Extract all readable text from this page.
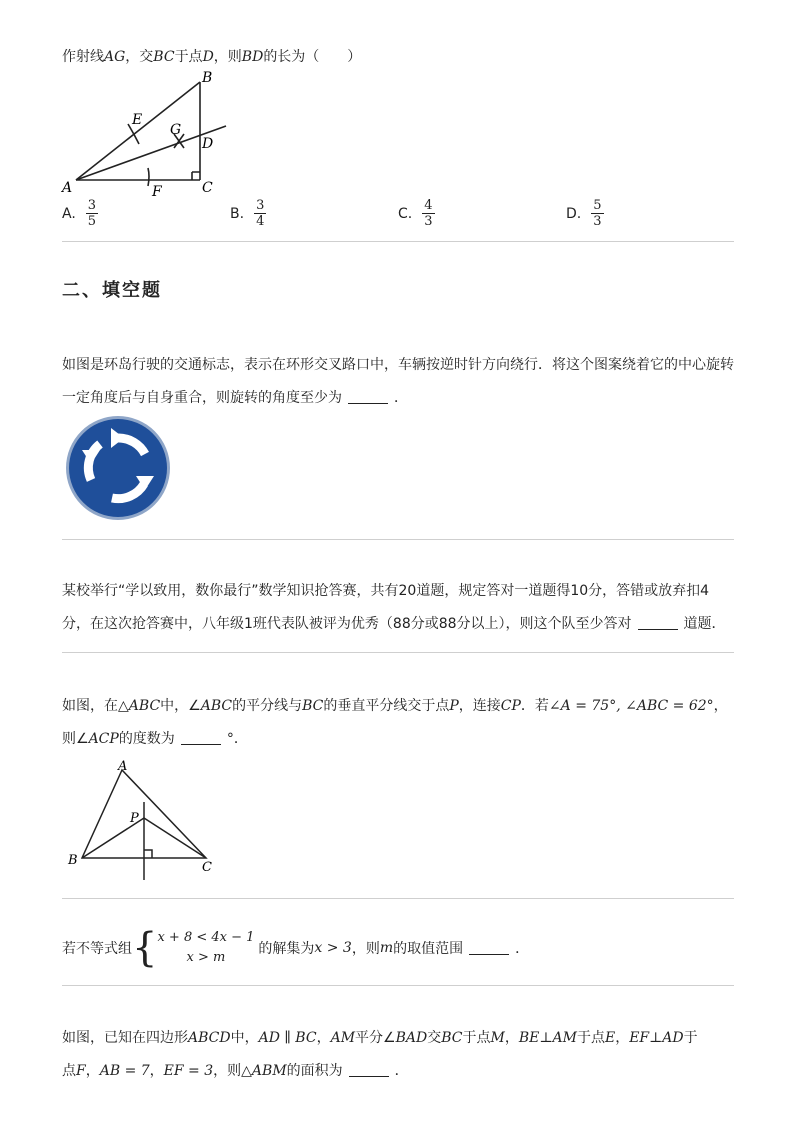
作射线AG，交BC于点D，则BD的长为（　　）
A
B
C
D
E
F
G
A. $\frac{3}{5}$	B. $\frac{3}{4}$	C. $\frac{4}{3}$	D. $\frac{5}{3}$
二、填空题
如图是环岛行驶的交通标志，表示在环形交叉路口中，车辆按逆时针方向绕行．将这个图案绕着它的中心旋转
一定角度后与自身重合，则旋转的角度至少为	．
某校举行“学以致用，数你最行”数学知识抢答赛，共有20道题，规定答对一道题得10分，答错或放弃扣4
分，在这次抢答赛中，八年级1班代表队被评为优秀（88分或88分以上），则这个队至少答对	道题．
如图，在△ABC中，∠ABC的平分线与BC的垂直平分线交于点P，连接CP．若∠A = 75°, ∠ABC = 62°，
则∠ACP的度数为	°．
A
B	C
P
若不等式组 { x + 8 < 4x − 1
x > m
的解集为 x > 3 ，则 m 的取值范围	．
如图，已知在四边形ABCD中，AD ∥ BC，AM平分∠BAD交BC于点M，BE⊥AM于点E，EF⊥AD于
点F，AB = 7，EF = 3，则△ABM的面积为	．
